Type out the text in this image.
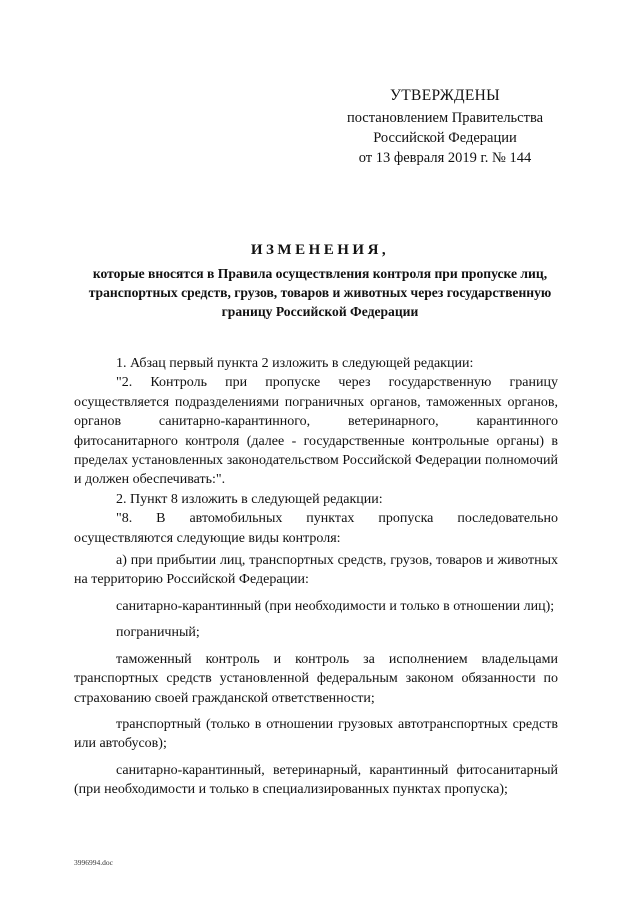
УТВЕРЖДЕНЫ
постановлением Правительства
Российской Федерации
от 13 февраля 2019 г. № 144
ИЗМЕНЕНИЯ,
которые вносятся в Правила осуществления контроля при пропуске лиц, транспортных средств, грузов, товаров и животных через государственную границу Российской Федерации

1. Абзац первый пункта 2 изложить в следующей редакции:

"2. Контроль при пропуске через государственную границу осуществляется подразделениями пограничных органов, таможенных органов, органов санитарно-карантинного, ветеринарного, карантинного фитосанитарного контроля (далее - государственные контрольные органы) в пределах установленных законодательством Российской Федерации полномочий и должен обеспечивать:".

2. Пункт 8 изложить в следующей редакции:

"8. В автомобильных пунктах пропуска последовательно осуществляются следующие виды контроля:

а) при прибытии лиц, транспортных средств, грузов, товаров и животных на территорию Российской Федерации:

санитарно-карантинный (при необходимости и только в отношении лиц);

пограничный;

таможенный контроль и контроль за исполнением владельцами транспортных средств установленной федеральным законом обязанности по страхованию своей гражданской ответственности;

транспортный (только в отношении грузовых автотранспортных средств или автобусов);

санитарно-карантинный, ветеринарный, карантинный фитосанитарный (при необходимости и только в специализированных пунктах пропуска);

3996994.doc
